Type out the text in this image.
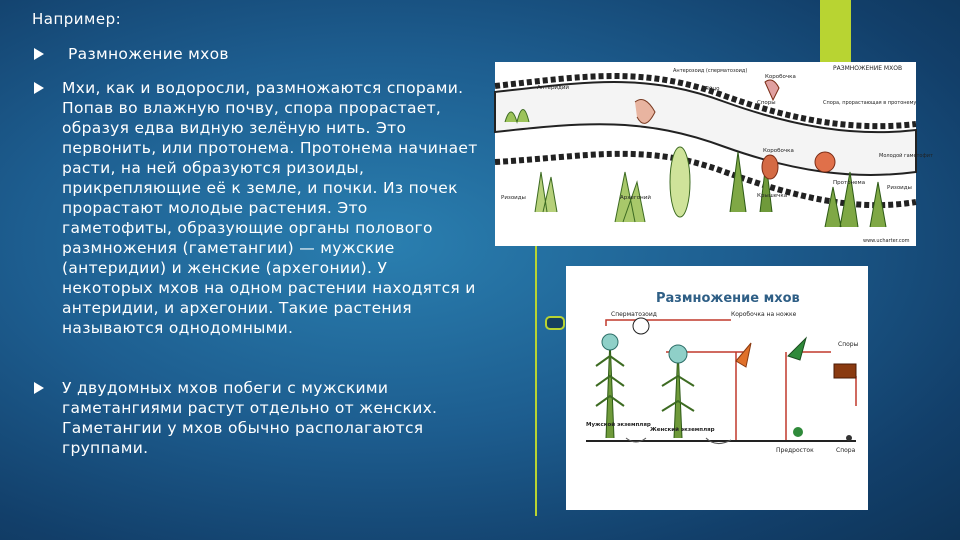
Например:
Размножение мхов
Мхи, как и водоросли, размножаются спорами. Попав во влажную почву, спора прорастает, образуя едва видную зелёную нить. Это первонить, или протонема. Протонема начинает расти, на ней образуются ризоиды, прикрепляющие её к земле, и почки. Из почек прорастают молодые растения. Это гаметофиты, образующие органы полового размножения (гаметангии) — мужские (антеридии) и женские (архегонии). У некоторых мхов на одном растении находятся и антеридии, и архегонии. Такие растения называются однодомными.
У двудомных мхов побеги с мужскими гаметангиями растут отдельно от женских. Гаметангии у мхов обычно располагаются группами.
РАЗМНОЖЕНИЕ МХОВ
Антеридий
Антерозоид (сперматозоид)
Яйцо
Коробочка
Споры	Спора, прорастающая в протонему
Ризоиды	Архегоний
Коробочка
Протонема
Молодой гаметофит
Ризоиды
Крышечка
www.ucharter.com
Размножение мхов
Сперматозоид	Коробочка на ножке
Споры
Мужской экземпляр
Женский экземпляр
Предросток	Спора
